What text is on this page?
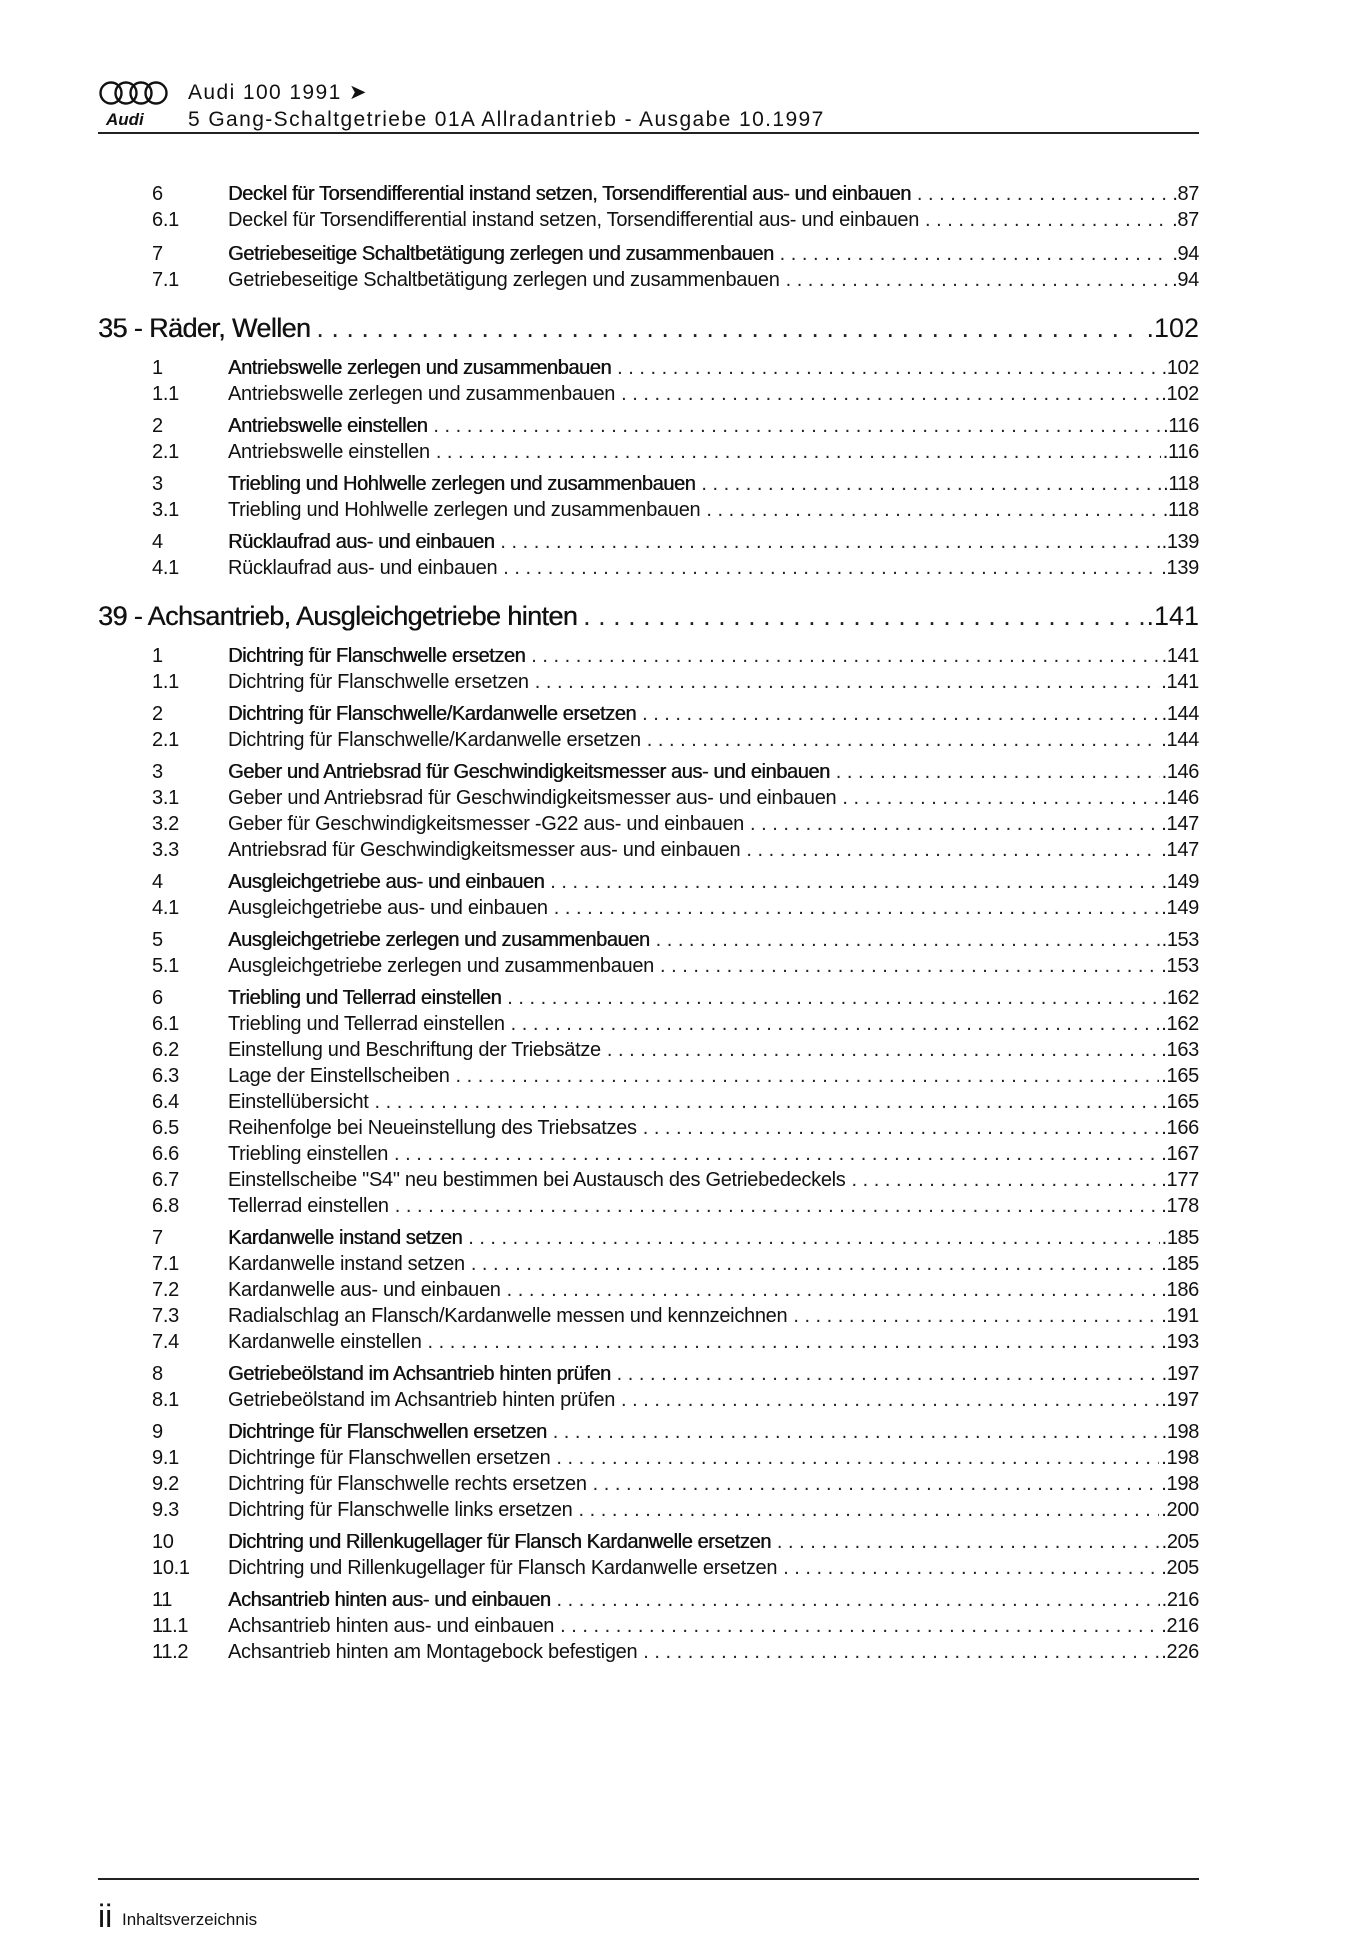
Audi
Audi 100 1991 ➤
5 Gang-Schaltgetriebe 01A Allradantrieb - Ausgabe 10.1997
6	Deckel für Torsendifferential instand setzen, Torsendifferential aus- und einbauen . . .	.87
6.1 Deckel für Torsendifferential instand setzen, Torsendifferential aus- und einbauen . . .	.87
7	Getriebeseitige Schaltbetätigung zerlegen und zusammenbauen . . .	.94
7.1 Getriebeseitige Schaltbetätigung zerlegen und zusammenbauen . . .	.94
35 - Räder, Wellen . . .	.102
1	Antriebswelle zerlegen und zusammenbauen . . .	.102
1.1 Antriebswelle zerlegen und zusammenbauen . . .	.102
2	Antriebswelle einstellen . . .	.116
2.1 Antriebswelle einstellen . . .	.116
3	Triebling und Hohlwelle zerlegen und zusammenbauen . . .	.118
3.1 Triebling und Hohlwelle zerlegen und zusammenbauen . . .	.118
4	Rücklaufrad aus- und einbauen . . .	.139
4.1 Rücklaufrad aus- und einbauen . . .	.139
39 - Achsantrieb, Ausgleichgetriebe hinten . . .	.141
1	Dichtring für Flanschwelle ersetzen . . .	.141
1.1 Dichtring für Flanschwelle ersetzen . . .	.141
2	Dichtring für Flanschwelle/Kardanwelle ersetzen . . .	.144
2.1 Dichtring für Flanschwelle/Kardanwelle ersetzen . . .	.144
3	Geber und Antriebsrad für Geschwindigkeitsmesser aus- und einbauen . . .	.146
3.1 Geber und Antriebsrad für Geschwindigkeitsmesser aus- und einbauen . . .	.146
3.2 Geber für Geschwindigkeitsmesser -G22 aus- und einbauen . . .	.147
3.3 Antriebsrad für Geschwindigkeitsmesser aus- und einbauen . . .	.147
4	Ausgleichgetriebe aus- und einbauen . . .	.149
4.1 Ausgleichgetriebe aus- und einbauen . . .	.149
5	Ausgleichgetriebe zerlegen und zusammenbauen . . .	.153
5.1 Ausgleichgetriebe zerlegen und zusammenbauen . . .	.153
6	Triebling und Tellerrad einstellen . . .	.162
6.1 Triebling und Tellerrad einstellen . . .	.162
6.2 Einstellung und Beschriftung der Triebsätze . . .	.163
6.3 Lage der Einstellscheiben . . .	.165
6.4 Einstellübersicht . . .	.165
6.5 Reihenfolge bei Neueinstellung des Triebsatzes . . .	.166
6.6 Triebling einstellen . . .	.167
6.7 Einstellscheibe "S4" neu bestimmen bei Austausch des Getriebedeckels . . .	.177
6.8 Tellerrad einstellen . . .	.178
7	Kardanwelle instand setzen . . .	.185
7.1 Kardanwelle instand setzen . . .	.185
7.2 Kardanwelle aus- und einbauen . . .	.186
7.3 Radialschlag an Flansch/Kardanwelle messen und kennzeichnen . . .	.191
7.4 Kardanwelle einstellen . . .	.193
8	Getriebeölstand im Achsantrieb hinten prüfen . . .	.197
8.1 Getriebeölstand im Achsantrieb hinten prüfen . . .	.197
9	Dichtringe für Flanschwellen ersetzen . . .	.198
9.1 Dichtringe für Flanschwellen ersetzen . . .	.198
9.2 Dichtring für Flanschwelle rechts ersetzen . . .	.198
9.3 Dichtring für Flanschwelle links ersetzen . . .	.200
10	Dichtring und Rillenkugellager für Flansch Kardanwelle ersetzen . . .	.205
10.1 Dichtring und Rillenkugellager für Flansch Kardanwelle ersetzen . . .	.205
11	Achsantrieb hinten aus- und einbauen . . .	.216
11.1 Achsantrieb hinten aus- und einbauen . . .	.216
11.2 Achsantrieb hinten am Montagebock befestigen . . .	.226
ii Inhaltsverzeichnis
